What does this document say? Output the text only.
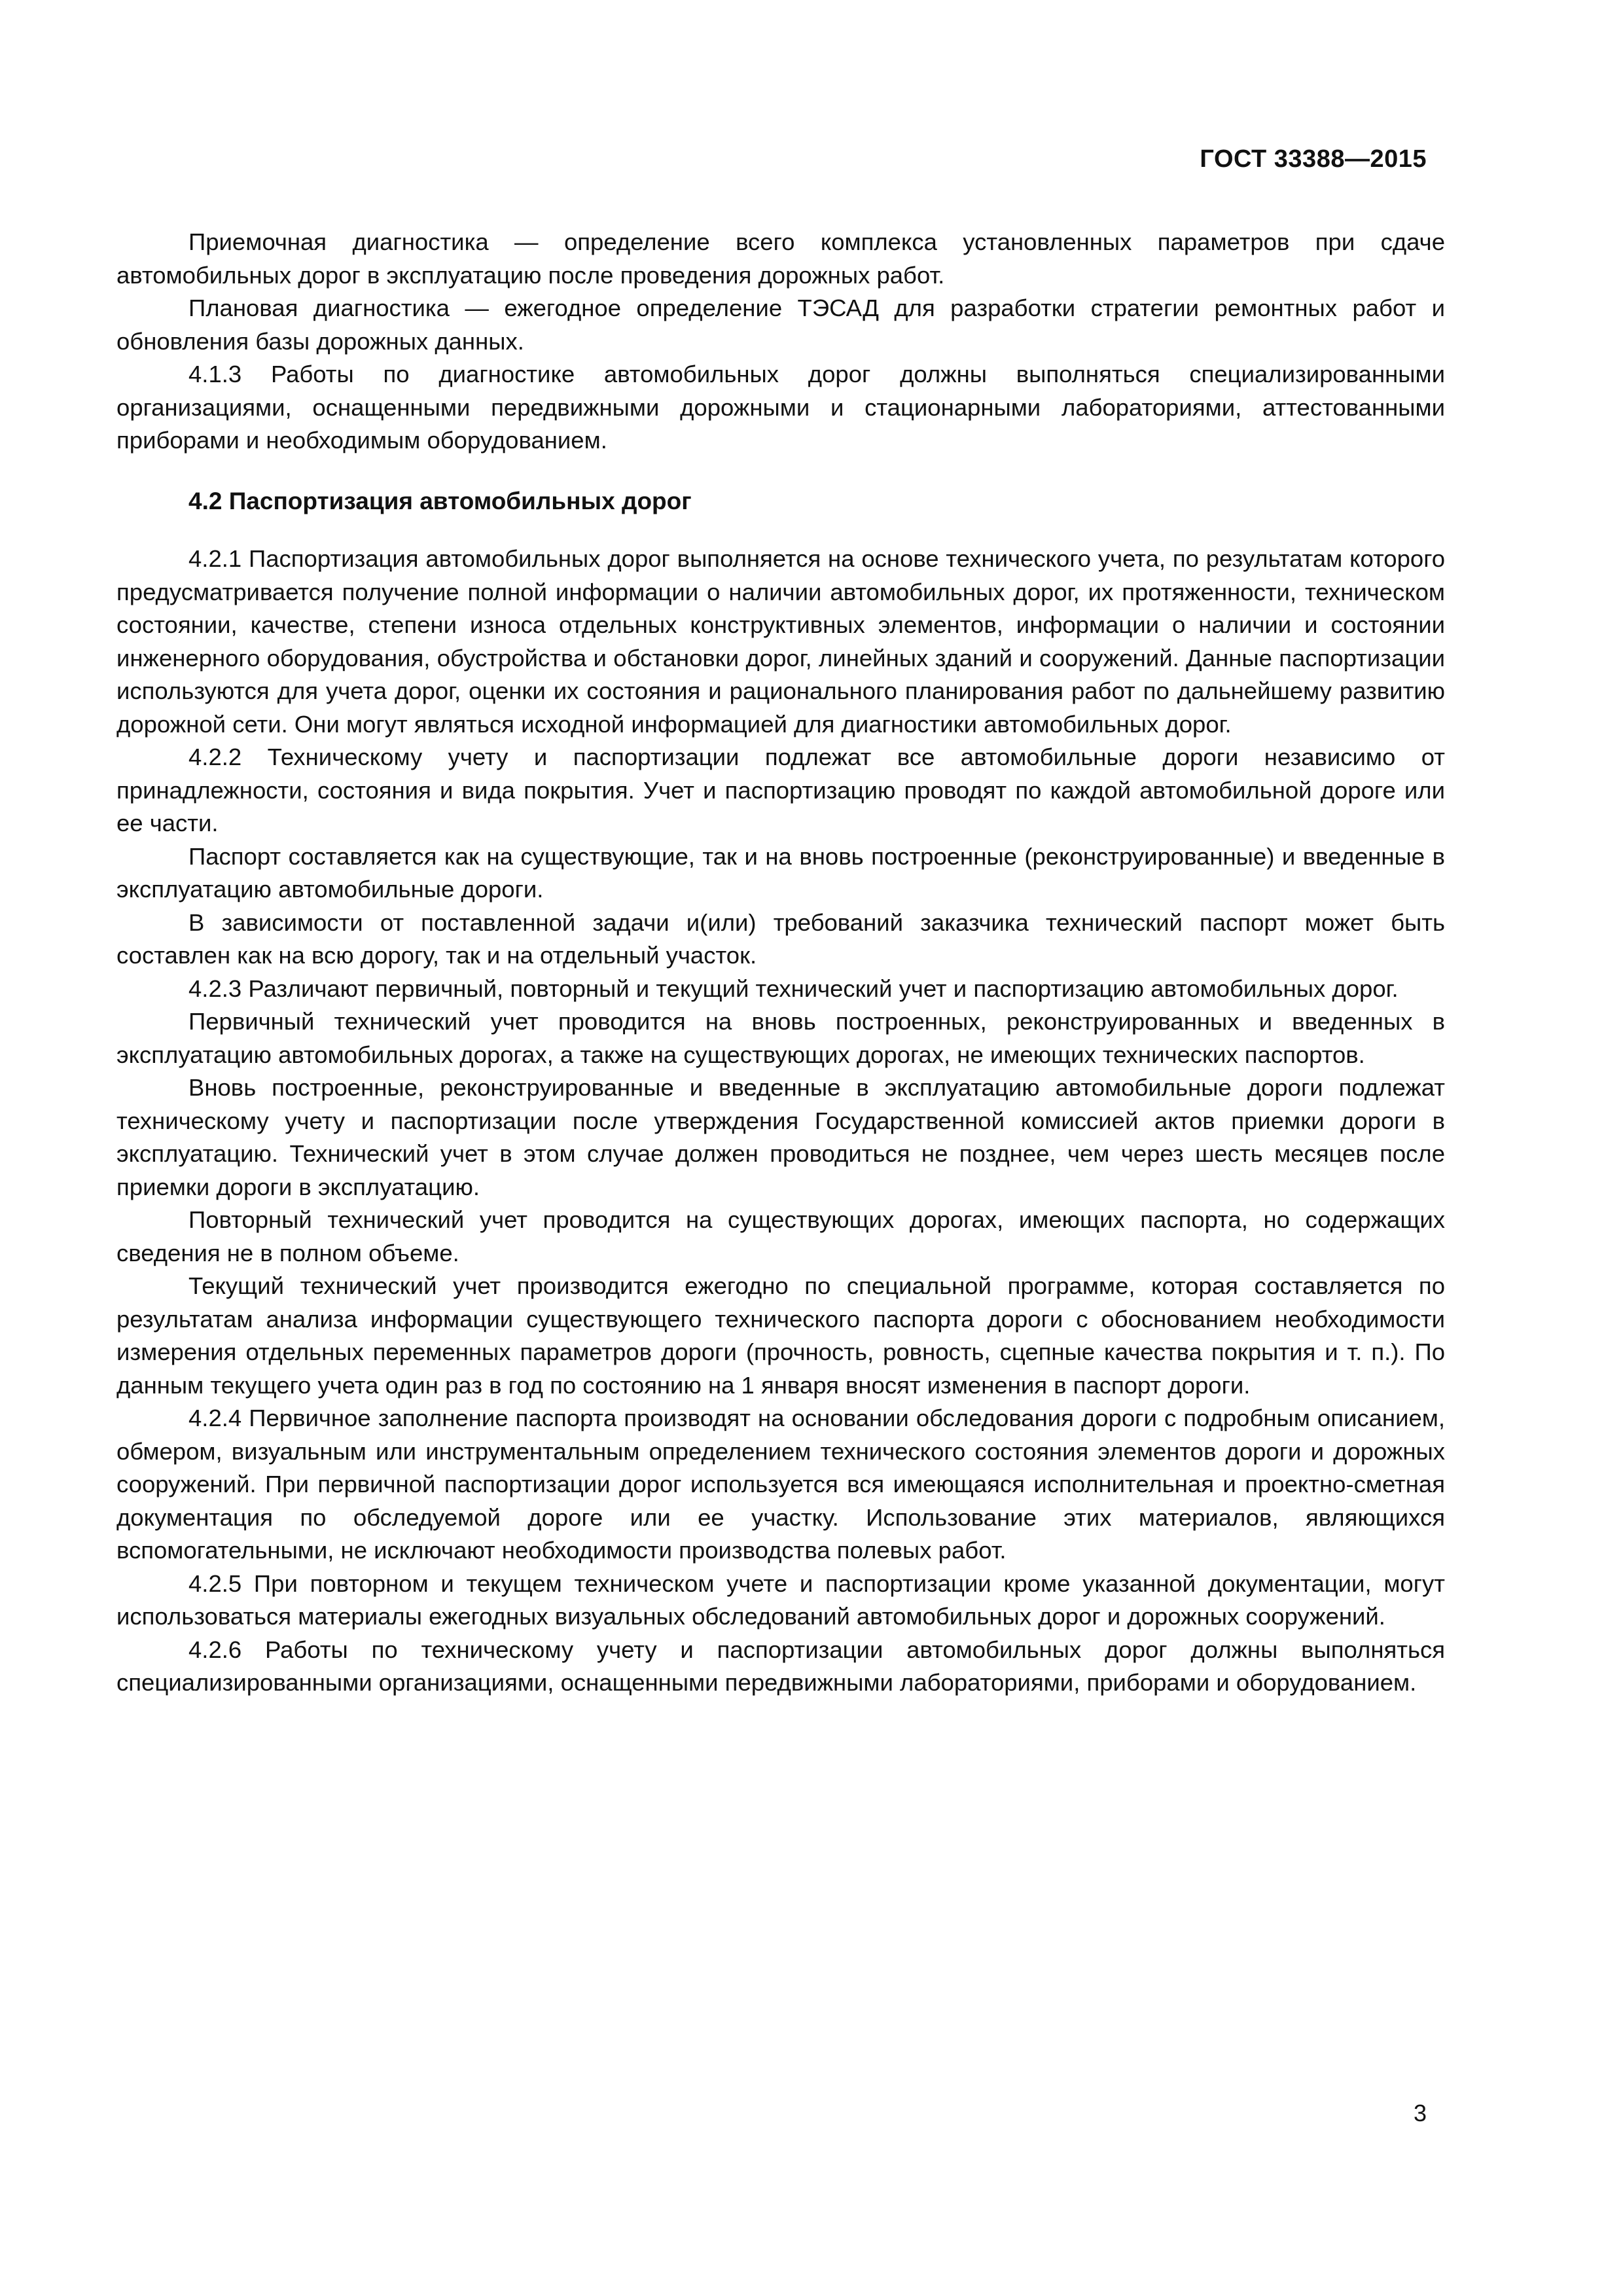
ГОСТ 33388—2015

Приемочная диагностика — определение всего комплекса установленных параметров при сдаче автомобильных дорог в эксплуатацию после проведения дорожных работ.

Плановая диагностика — ежегодное определение ТЭСАД для разработки стратегии ремонтных работ и обновления базы дорожных данных.

4.1.3 Работы по диагностике автомобильных дорог должны выполняться специализированными организациями, оснащенными передвижными дорожными и стационарными лабораториями, аттестованными приборами и необходимым оборудованием.

4.2 Паспортизация автомобильных дорог

4.2.1 Паспортизация автомобильных дорог выполняется на основе технического учета, по результатам которого предусматривается получение полной информации о наличии автомобильных дорог, их протяженности, техническом состоянии, качестве, степени износа отдельных конструктивных элементов, информации о наличии и состоянии инженерного оборудования, обустройства и обстановки дорог, линейных зданий и сооружений. Данные паспортизации используются для учета дорог, оценки их состояния и рационального планирования работ по дальнейшему развитию дорожной сети. Они могут являться исходной информацией для диагностики автомобильных дорог.

4.2.2 Техническому учету и паспортизации подлежат все автомобильные дороги независимо от принадлежности, состояния и вида покрытия. Учет и паспортизацию проводят по каждой автомобильной дороге или ее части.

Паспорт составляется как на существующие, так и на вновь построенные (реконструированные) и введенные в эксплуатацию автомобильные дороги.

В зависимости от поставленной задачи и(или) требований заказчика технический паспорт может быть составлен как на всю дорогу, так и на отдельный участок.

4.2.3 Различают первичный, повторный и текущий технический учет и паспортизацию автомобильных дорог.

Первичный технический учет проводится на вновь построенных, реконструированных и введенных в эксплуатацию автомобильных дорогах, а также на существующих дорогах, не имеющих технических паспортов.

Вновь построенные, реконструированные и введенные в эксплуатацию автомобильные дороги подлежат техническому учету и паспортизации после утверждения Государственной комиссией актов приемки дороги в эксплуатацию. Технический учет в этом случае должен проводиться не позднее, чем через шесть месяцев после приемки дороги в эксплуатацию.

Повторный технический учет проводится на существующих дорогах, имеющих паспорта, но содержащих сведения не в полном объеме.

Текущий технический учет производится ежегодно по специальной программе, которая составляется по результатам анализа информации существующего технического паспорта дороги с обоснованием необходимости измерения отдельных переменных параметров дороги (прочность, ровность, сцепные качества покрытия и т. п.). По данным текущего учета один раз в год по состоянию на 1 января вносят изменения в паспорт дороги.

4.2.4 Первичное заполнение паспорта производят на основании обследования дороги с подробным описанием, обмером, визуальным или инструментальным определением технического состояния элементов дороги и дорожных сооружений. При первичной паспортизации дорог используется вся имеющаяся исполнительная и проектно-сметная документация по обследуемой дороге или ее участку. Использование этих материалов, являющихся вспомогательными, не исключают необходимости производства полевых работ.

4.2.5 При повторном и текущем техническом учете и паспортизации кроме указанной документации, могут использоваться материалы ежегодных визуальных обследований автомобильных дорог и дорожных сооружений.

4.2.6 Работы по техническому учету и паспортизации автомобильных дорог должны выполняться специализированными организациями, оснащенными передвижными лабораториями, приборами и оборудованием.

3
